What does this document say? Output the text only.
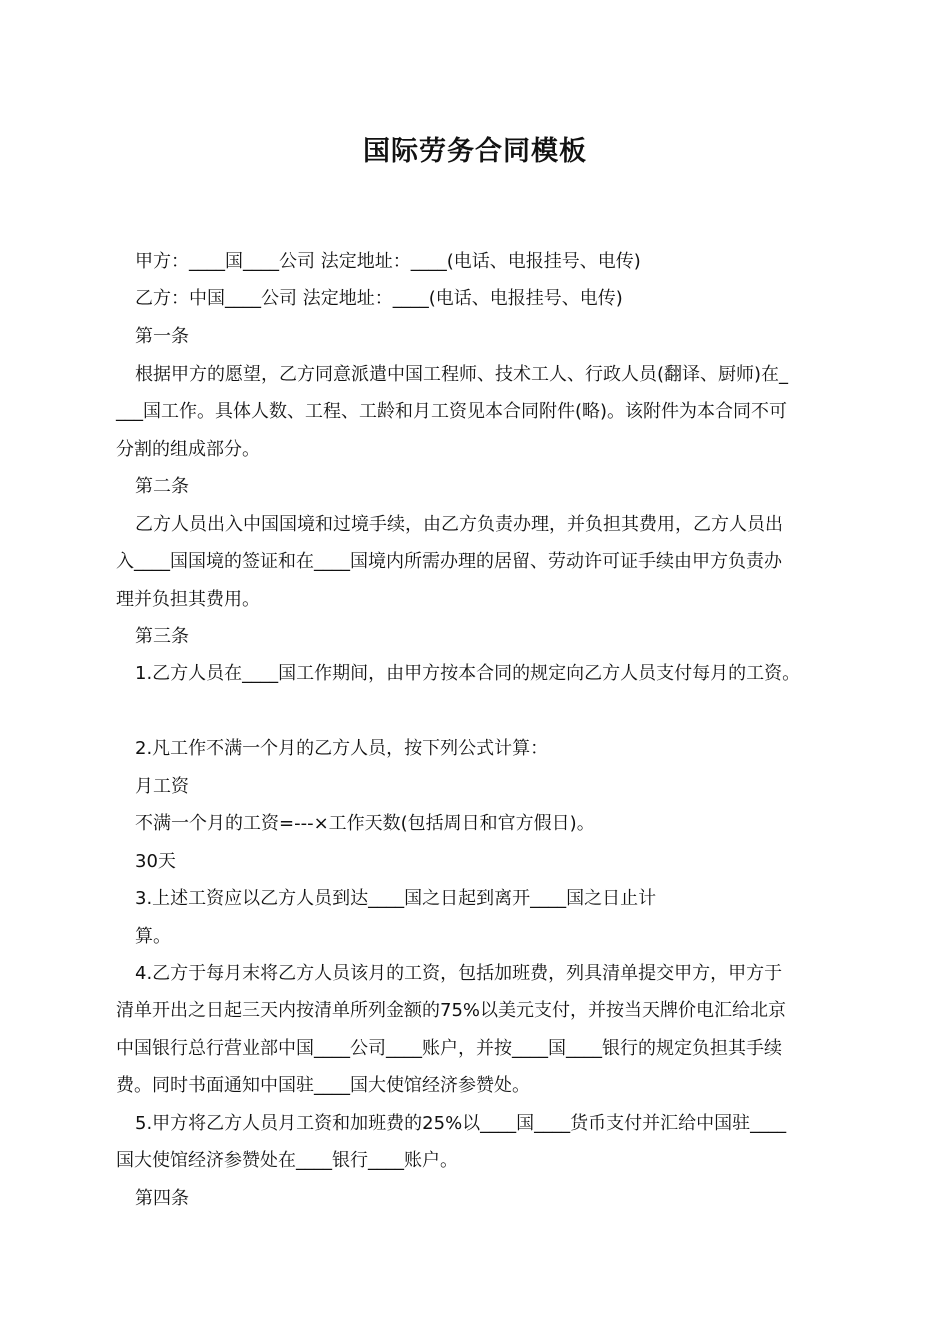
国际劳务合同模板
甲方：____国____公司 法定地址：____(电话、电报挂号、电传)
乙方：中国____公司 法定地址：____(电话、电报挂号、电传)
第一条
根据甲方的愿望，乙方同意派遣中国工程师、技术工人、行政人员(翻译、厨师)在_
___国工作。具体人数、工程、工龄和月工资见本合同附件(略)。该附件为本合同不可
分割的组成部分。
第二条
乙方人员出入中国国境和过境手续，由乙方负责办理，并负担其费用，乙方人员出
入____国国境的签证和在____国境内所需办理的居留、劳动许可证手续由甲方负责办
理并负担其费用。
第三条
1.乙方人员在____国工作期间，由甲方按本合同的规定向乙方人员支付每月的工资。
2.凡工作不满一个月的乙方人员，按下列公式计算：
月工资
不满一个月的工资=---×工作天数(包括周日和官方假日)。
30天
3.上述工资应以乙方人员到达____国之日起到离开____国之日止计
算。
4.乙方于每月末将乙方人员该月的工资，包括加班费，列具清单提交甲方，甲方于
清单开出之日起三天内按清单所列金额的75%以美元支付，并按当天牌价电汇给北京
中国银行总行营业部中国____公司____账户，并按____国____银行的规定负担其手续
费。同时书面通知中国驻____国大使馆经济参赞处。
5.甲方将乙方人员月工资和加班费的25%以____国____货币支付并汇给中国驻____
国大使馆经济参赞处在____银行____账户。
第四条
